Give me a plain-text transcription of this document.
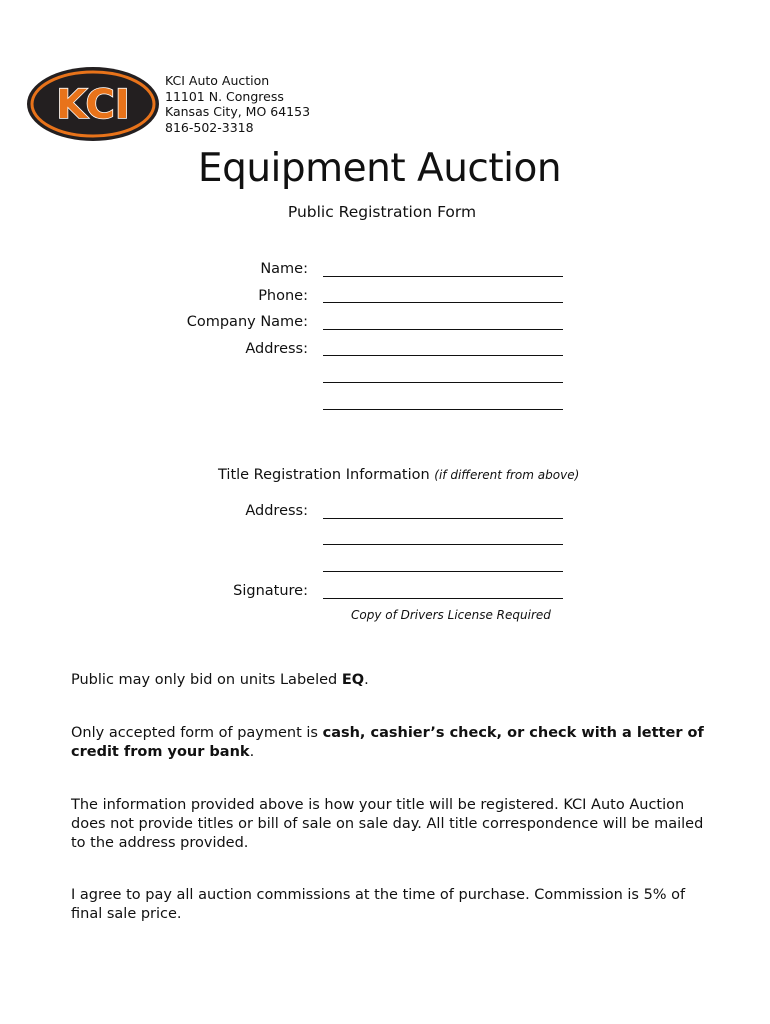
KCI
KCI Auto Auction
11101 N. Congress
Kansas City, MO 64153
816-502-3318
Equipment Auction
Public Registration Form
Name:
Phone:
Company Name:
Address:
Title Registration Information (if different from above)
Address:
Signature:
Copy of Drivers License Required
Public may only bid on units Labeled EQ.
Only accepted form of payment is cash, cashier’s check, or check with a letter of credit from your bank.
The information provided above is how your title will be registered. KCI Auto Auction does not provide titles or bill of sale on sale day. All title correspondence will be mailed to the address provided.
I agree to pay all auction commissions at the time of purchase. Commission is 5% of final sale price.
